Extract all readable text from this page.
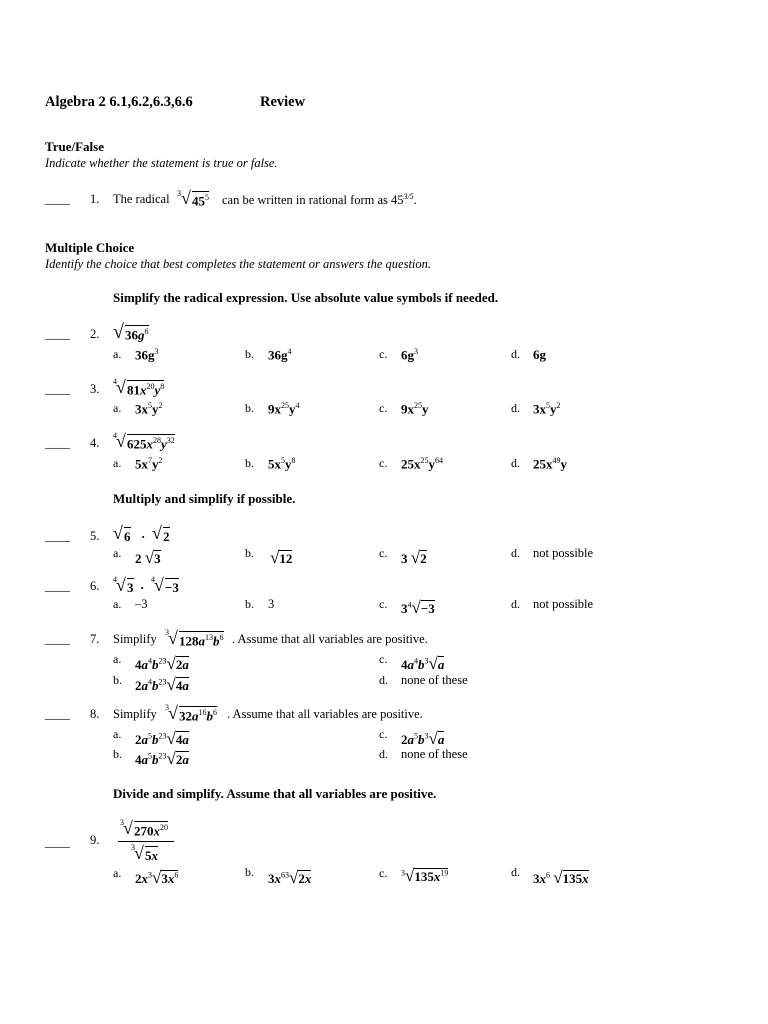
Algebra 2 6.1,6.2,6.3,6.6	Review
True/False
Indicate whether the statement is true or false.
____ 1. The radical 3 √ $45^5$ can be written in rational form as $45^{3/5}$.
Multiple Choice
Identify the choice that best completes the statement or answers the question.
Simplify the radical expression. Use absolute value symbols if needed.
____ 2. √ $36g^6$
a. $36g^3$	b. $36g^4$	c. $6g^3$	d. 6g
____ 3.
4 √ $81x^{20}y^8$
a. $3x^5y^2$	b. $9x^{25}y^4$	c. $9x^{25}y$	d. $3x^5y^2$
____ 4.
4 √ $625x^{28}y^{32}$
a. $5x^7y^2$	b. $5x^5y^8$	c. $25x^{25}y^{64}$	d. $25x^{49}y$
Multiply and simplify if possible.
____ 5. √ 6 · √ 2
a. 2 √3	b. √12	c. 3 √2	d. not possible
____ 6. 4 √ 3 ·
4 √ −3
a. –3	b. 3	c. $3^4√-3$	d. not possible
____ 7. Simplify 3 √ $128a^{13}b^6$ . Assume that all variables are positive.
a. $4a^4b^{23}√2a$	c. $4a^4b^3√a$
b. $2a^4b^{23}√4a$	d. none of these
____ 8. Simplify 3 √ $32a^{16}b^6$ . Assume that all variables are positive.
a. $2a^5b^{23}√4a$	c. $2a^5b^3√a$
b. $4a^5b^{23}√2a$	d. none of these
Divide and simplify. Assume that all variables are positive.
____ 9.
3 √ $270x^{20}$
3 √ 5x
a. $2x^3√3x^6$	b. $3x^{63}√2x$	c. $^3√135x^{19}$	d. $3x^6$ √135x
